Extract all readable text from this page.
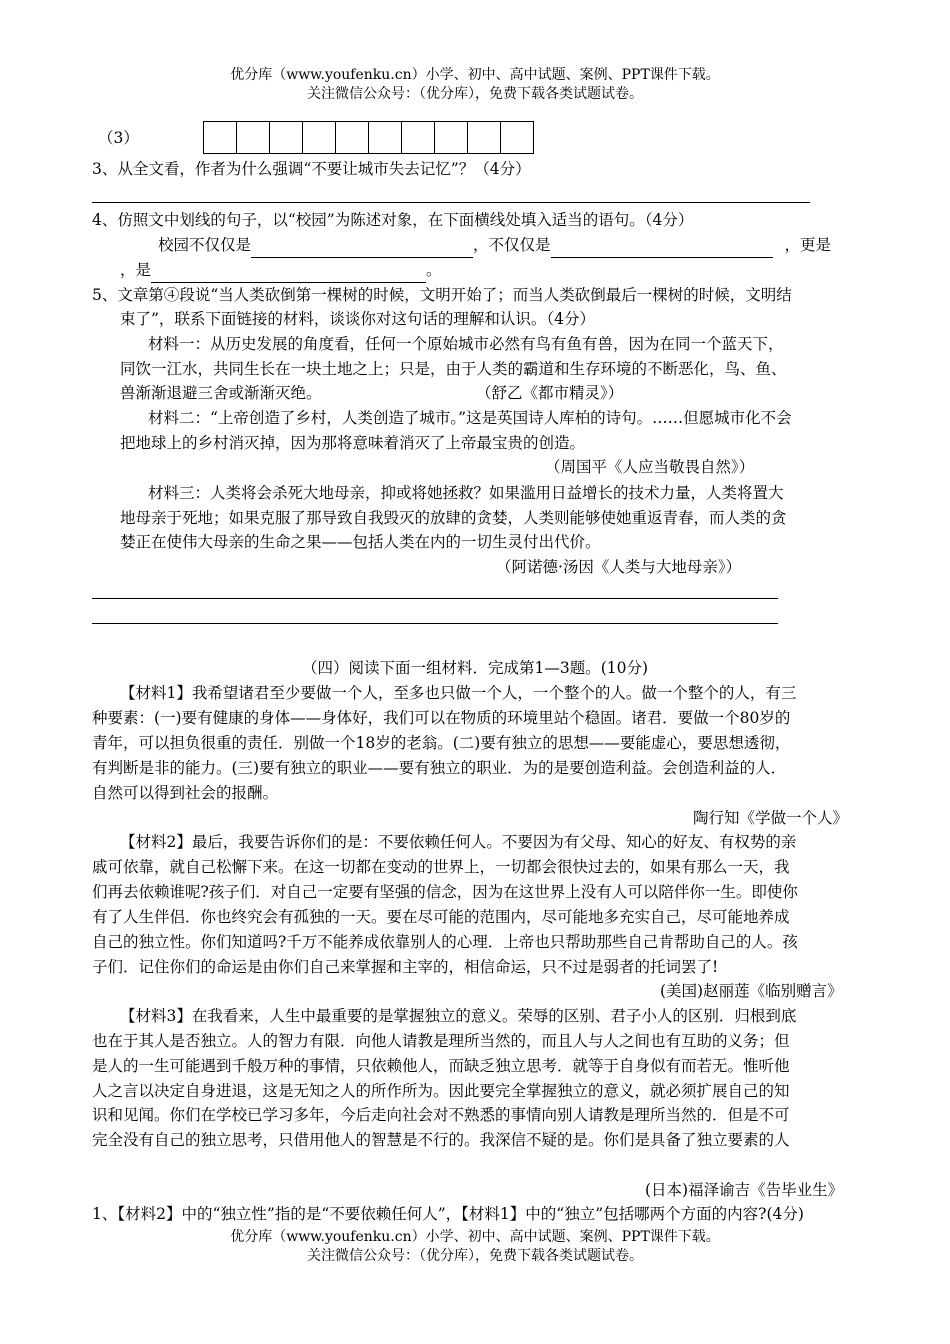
优分库（www.youfenku.cn）小学、初中、高中试题、案例、PPT课件下载。
关注微信公众号：（优分库），免费下载各类试题试卷。
（3）
3、从全文看，作者为什么强调“不要让城市失去记忆”？（4分）
4、仿照文中划线的句子，以“校园”为陈述对象，在下面横线处填入适当的语句。（4分）
校园不仅仅是	，不仅仅是	，更是
，是	。
5、文章第④段说“当人类砍倒第一棵树的时候，文明开始了；而当人类砍倒最后一棵树的时候，文明结
束了”，联系下面链接的材料，谈谈你对这句话的理解和认识。（4分）
材料一：从历史发展的角度看，任何一个原始城市必然有鸟有鱼有兽，因为在同一个蓝天下，
同饮一江水，共同生长在一块土地之上；只是，由于人类的霸道和生存环境的不断恶化，鸟、鱼、
兽渐渐退避三舍或渐渐灭绝。	（舒乙《都市精灵》）
材料二：“上帝创造了乡村，人类创造了城市。”这是英国诗人库柏的诗句。……但愿城市化不会
把地球上的乡村消灭掉，因为那将意味着消灭了上帝最宝贵的创造。
（周国平《人应当敬畏自然》）
材料三：人类将会杀死大地母亲，抑或将她拯救？如果滥用日益增长的技术力量，人类将置大
地母亲于死地；如果克服了那导致自我毁灭的放肆的贪婪，人类则能够使她重返青春，而人类的贪
婪正在使伟大母亲的生命之果——包括人类在内的一切生灵付出代价。
（阿诺德·汤因《人类与大地母亲》）
（四）阅读下面一组材料．完成第1—3题。(10分)
【材料1】我希望诸君至少要做一个人，至多也只做一个人，一个整个的人。做一个整个的人，有三
种要素：(一)要有健康的身体——身体好，我们可以在物质的环境里站个稳固。诸君．要做一个80岁的
青年，可以担负很重的责任．别做一个18岁的老翁。(二)要有独立的思想——要能虚心，要思想透彻，
有判断是非的能力。(三)要有独立的职业——要有独立的职业．为的是要创造利益。会创造利益的人．
自然可以得到社会的报酬。
陶行知《学做一个人》
【材料2】最后，我要告诉你们的是：不要依赖任何人。不要因为有父母、知心的好友、有权势的亲
戚可依靠，就自己松懈下来。在这一切都在变动的世界上，一切都会很快过去的，如果有那么一天，我
们再去依赖谁呢?孩子们．对自己一定要有坚强的信念，因为在这世界上没有人可以陪伴你一生。即使你
有了人生伴侣．你也终究会有孤独的一天。要在尽可能的范围内，尽可能地多充实自己，尽可能地养成
自己的独立性。你们知道吗?千万不能养成依靠别人的心理．上帝也只帮助那些自己肯帮助自己的人。孩
子们．记住你们的命运是由你们自己来掌握和主宰的，相信命运，只不过是弱者的托词罢了!
(美国)赵丽莲《临别赠言》
【材料3】在我看来，人生中最重要的是掌握独立的意义。荣辱的区别、君子小人的区别．归根到底
也在于其人是否独立。人的智力有限．向他人请教是理所当然的，而且人与人之间也有互助的义务；但
是人的一生可能遇到千般万种的事情，只依赖他人，而缺乏独立思考．就等于自身似有而若无。惟听他
人之言以决定自身进退，这是无知之人的所作所为。因此要完全掌握独立的意义，就必须扩展自己的知
识和见闻。你们在学校已学习多年，今后走向社会对不熟悉的事情向别人请教是理所当然的．但是不可
完全没有自己的独立思考，只借用他人的智慧是不行的。我深信不疑的是。你们是具备了独立要素的人
(日本)福泽谕吉《告毕业生》
1、【材料2】中的“独立性”指的是“不要依赖任何人”，【材料1】中的“独立”包括哪两个方面的内容?(4分)
优分库（www.youfenku.cn）小学、初中、高中试题、案例、PPT课件下载。
关注微信公众号：（优分库），免费下载各类试题试卷。
